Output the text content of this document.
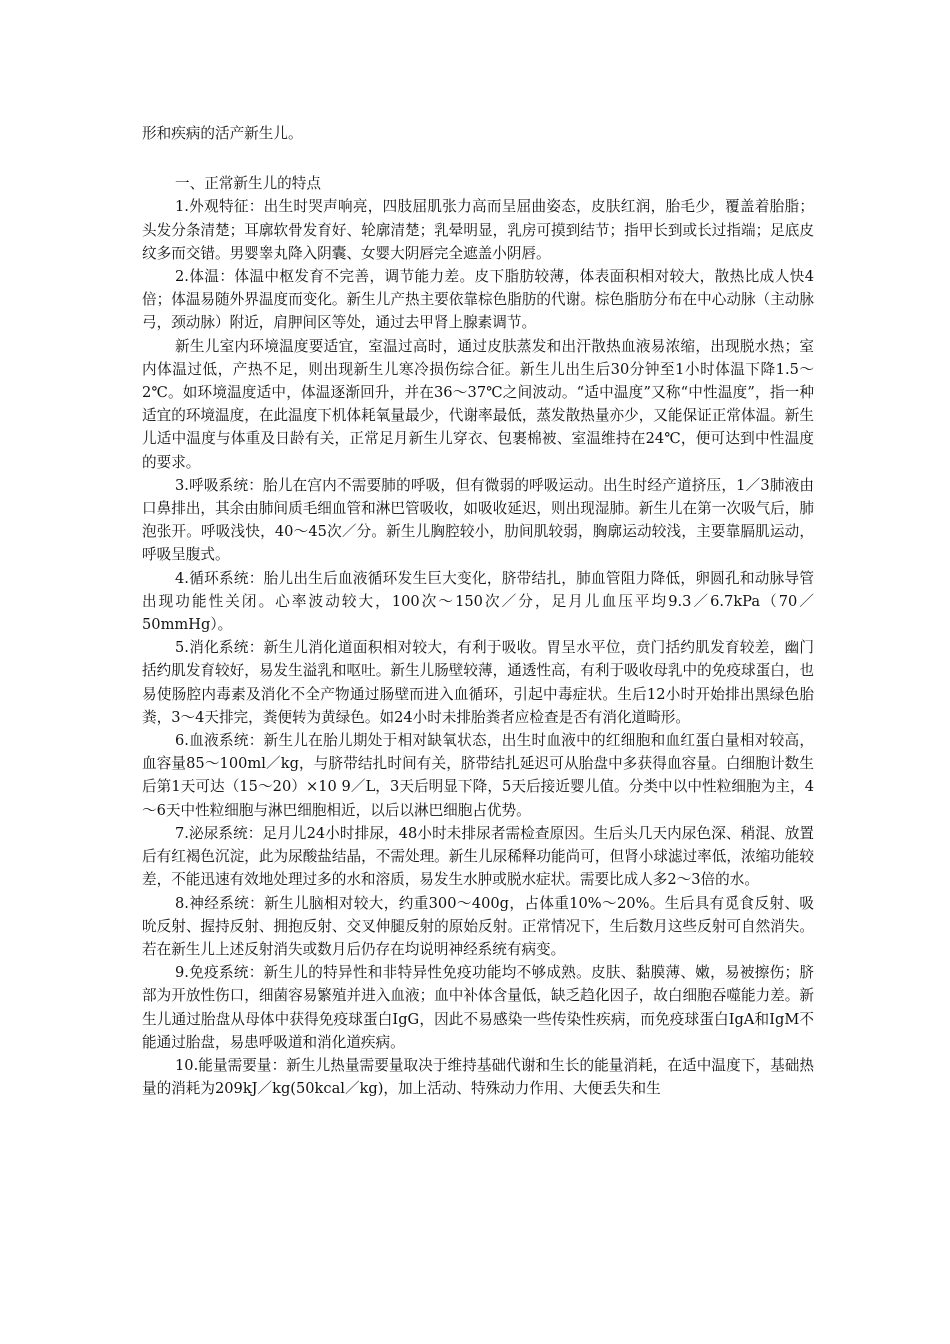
形和疾病的活产新生儿。

一、正常新生儿的特点

1.外观特征：出生时哭声响亮，四肢屈肌张力高而呈屈曲姿态，皮肤红润，胎毛少，覆盖着胎脂；头发分条清楚；耳廓软骨发育好、轮廓清楚；乳晕明显，乳房可摸到结节；指甲长到或长过指端；足底皮纹多而交错。男婴睾丸降入阴囊、女婴大阴唇完全遮盖小阴唇。

2.体温：体温中枢发育不完善，调节能力差。皮下脂肪较薄，体表面积相对较大，散热比成人快4倍；体温易随外界温度而变化。新生儿产热主要依靠棕色脂肪的代谢。棕色脂肪分布在中心动脉（主动脉弓，颈动脉）附近，肩胛间区等处，通过去甲肾上腺素调节。

新生儿室内环境温度要适宜，室温过高时，通过皮肤蒸发和出汗散热血液易浓缩，出现脱水热；室内体温过低，产热不足，则出现新生儿寒冷损伤综合征。新生儿出生后30分钟至1小时体温下降1.5～2℃。如环境温度适中，体温逐渐回升，并在36～37℃之间波动。“适中温度”又称“中性温度”，指一种适宜的环境温度，在此温度下机体耗氧量最少，代谢率最低，蒸发散热量亦少，又能保证正常体温。新生儿适中温度与体重及日龄有关，正常足月新生儿穿衣、包裹棉被、室温维持在24℃，便可达到中性温度的要求。

3.呼吸系统：胎儿在宫内不需要肺的呼吸，但有微弱的呼吸运动。出生时经产道挤压，1／3肺液由口鼻排出，其余由肺间质毛细血管和淋巴管吸收，如吸收延迟，则出现湿肺。新生儿在第一次吸气后，肺泡张开。呼吸浅快，40～45次／分。新生儿胸腔较小，肋间肌较弱，胸廓运动较浅，主要靠膈肌运动，呼吸呈腹式。

4.循环系统：胎儿出生后血液循环发生巨大变化，脐带结扎，肺血管阻力降低，卵圆孔和动脉导管出现功能性关闭。心率波动较大，100次～150次／分，足月儿血压平均9.3／6.7kPa（70／50mmHg）。

5.消化系统：新生儿消化道面积相对较大，有利于吸收。胃呈水平位，贲门括约肌发育较差，幽门括约肌发育较好，易发生溢乳和呕吐。新生儿肠壁较薄，通透性高，有利于吸收母乳中的免疫球蛋白，也易使肠腔内毒素及消化不全产物通过肠壁而进入血循环，引起中毒症状。生后12小时开始排出黑绿色胎粪，3～4天排完，粪便转为黄绿色。如24小时未排胎粪者应检查是否有消化道畸形。

6.血液系统：新生儿在胎儿期处于相对缺氧状态，出生时血液中的红细胞和血红蛋白量相对较高，血容量85～100ml／kg，与脐带结扎时间有关，脐带结扎延迟可从胎盘中多获得血容量。白细胞计数生后第1天可达（15～20）×10 9／L，3天后明显下降，5天后接近婴儿值。分类中以中性粒细胞为主，4～6天中性粒细胞与淋巴细胞相近，以后以淋巴细胞占优势。

7.泌尿系统：足月儿24小时排尿，48小时未排尿者需检查原因。生后头几天内尿色深、稍混、放置后有红褐色沉淀，此为尿酸盐结晶，不需处理。新生儿尿稀释功能尚可，但肾小球滤过率低，浓缩功能较差，不能迅速有效地处理过多的水和溶质，易发生水肿或脱水症状。需要比成人多2～3倍的水。

8.神经系统：新生儿脑相对较大，约重300～400g，占体重10%～20%。生后具有觅食反射、吸吮反射、握持反射、拥抱反射、交叉伸腿反射的原始反射。正常情况下，生后数月这些反射可自然消失。若在新生儿上述反射消失或数月后仍存在均说明神经系统有病变。

9.免疫系统：新生儿的特异性和非特异性免疫功能均不够成熟。皮肤、黏膜薄、嫩，易被擦伤；脐部为开放性伤口，细菌容易繁殖并进入血液；血中补体含量低，缺乏趋化因子，故白细胞吞噬能力差。新生儿通过胎盘从母体中获得免疫球蛋白IgG，因此不易感染一些传染性疾病，而免疫球蛋白IgA和IgM不能通过胎盘，易患呼吸道和消化道疾病。

10.能量需要量：新生儿热量需要量取决于维持基础代谢和生长的能量消耗，在适中温度下，基础热量的消耗为209kJ／kg(50kcal／kg)，加上活动、特殊动力作用、大便丢失和生
